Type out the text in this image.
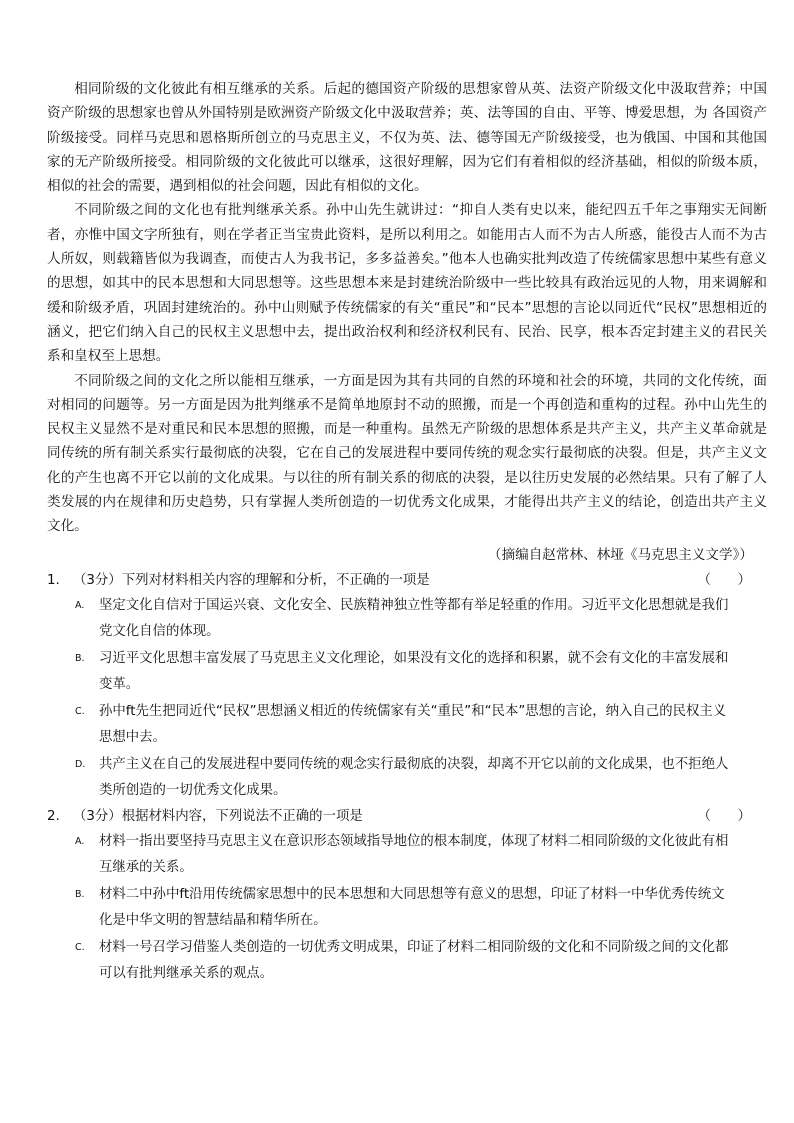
相同阶级的文化彼此有相互继承的关系。后起的德国资产阶级的思想家曾从英、法资产阶级文化中汲取营养；中国资产阶级的思想家也曾从外国特别是欧洲资产阶级文化中汲取营养；英、法等国的自由、平等、博爱思想，为 各国资产阶级接受。同样马克思和恩格斯所创立的马克思主义，不仅为英、法、德等国无产阶级接受，也为俄国、中国和其他国家的无产阶级所接受。相同阶级的文化彼此可以继承，这很好理解，因为它们有着相似的经济基础，相似的阶级本质，相似的社会的需要，遇到相似的社会问题，因此有相似的文化。

不同阶级之间的文化也有批判继承关系。孙中山先生就讲过：“抑自人类有史以来，能纪四五千年之事翔实无间断者，亦惟中国文字所独有，则在学者正当宝贵此资料，是所以利用之。如能用古人而不为古人所惑，能役古人而不为古人所奴，则载籍皆似为我调查，而使古人为我书记，多多益善矣。”他本人也确实批判改造了传统儒家思想中某些有意义的思想，如其中的民本思想和大同思想等。这些思想本来是封建统治阶级中一些比较具有政治远见的人物，用来调解和缓和阶级矛盾，巩固封建统治的。孙中山则赋予传统儒家的有关“重民”和“民本”思想的言论以同近代“民权”思想相近的涵义，把它们纳入自己的民权主义思想中去，提出政治权利和经济权利民有、民治、民享，根本否定封建主义的君民关系和皇权至上思想。

不同阶级之间的文化之所以能相互继承，一方面是因为其有共同的自然的环境和社会的环境，共同的文化传统，面对相同的问题等。另一方面是因为批判继承不是简单地原封不动的照搬，而是一个再创造和重构的过程。孙中山先生的民权主义显然不是对重民和民本思想的照搬，而是一种重构。虽然无产阶级的思想体系是共产主义，共产主义革命就是同传统的所有制关系实行最彻底的决裂，它在自己的发展进程中要同传统的观念实行最彻底的决裂。但是，共产主义文化的产生也离不开它以前的文化成果。与以往的所有制关系的彻底的决裂，是以往历史发展的必然结果。只有了解了人类发展的内在规律和历史趋势，只有掌握人类所创造的一切优秀文化成果，才能得出共产主义的结论，创造出共产主义文化。

（摘编自赵常林、林垭《马克思主义文学》）

1. （3分）下列对材料相关内容的理解和分析，不正确的一项是	（　　）

A. 坚定文化自信对于国运兴衰、文化安全、民族精神独立性等都有举足轻重的作用。习近平文化思想就是我们党文化自信的体现。

B. 习近平文化思想丰富发展了马克思主义文化理论，如果没有文化的选择和积累，就不会有文化的丰富发展和变革。

C. 孙中ft先生把同近代“民权”思想涵义相近的传统儒家有关“重民”和“民本”思想的言论，纳入自己的民权主义思想中去。

D. 共产主义在自己的发展进程中要同传统的观念实行最彻底的决裂，却离不开它以前的文化成果，也不拒绝人类所创造的一切优秀文化成果。

2. （3分）根据材料内容，下列说法不正确的一项是	（　　）

A. 材料一指出要坚持马克思主义在意识形态领域指导地位的根本制度，体现了材料二相同阶级的文化彼此有相互继承的关系。

B. 材料二中孙中ft沿用传统儒家思想中的民本思想和大同思想等有意义的思想，印证了材料一中华优秀传统文化是中华文明的智慧结晶和精华所在。

C. 材料一号召学习借鉴人类创造的一切优秀文明成果，印证了材料二相同阶级的文化和不同阶级之间的文化都可以有批判继承关系的观点。
